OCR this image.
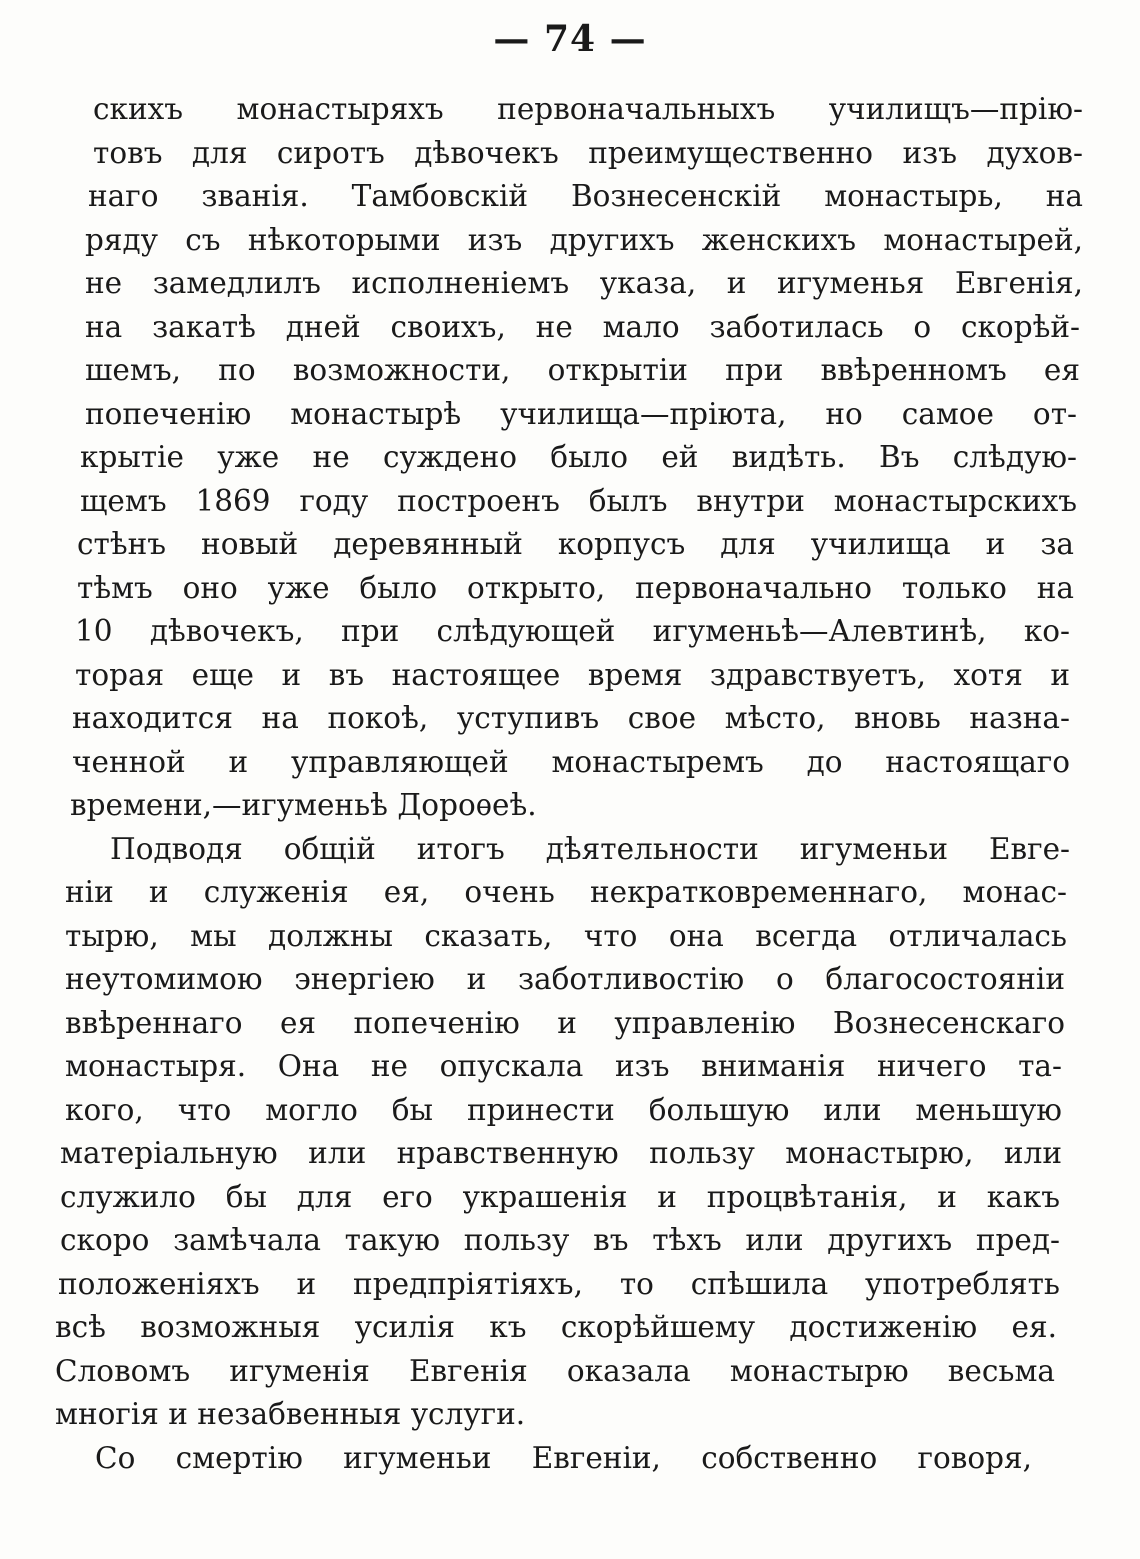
— 74 —
скихъ монастыряхъ первоначальныхъ училищъ—прію-
товъ для сиротъ дѣвочекъ преимущественно изъ духов-
наго званія. Тамбовскій Вознесенскій монастырь, на
ряду съ нѣкоторыми изъ другихъ женскихъ монастырей,
не замедлилъ исполненіемъ указа, и игуменья Евгенія,
на закатѣ дней своихъ, не мало заботилась о скорѣй-
шемъ, по возможности, открытіи при ввѣренномъ ея
попеченію монастырѣ училища—пріюта, но самое от-
крытіе уже не суждено было ей видѣть. Въ слѣдую-
щемъ 1869 году построенъ былъ внутри монастырскихъ
стѣнъ новый деревянный корпусъ для училища и за
тѣмъ оно уже было открыто, первоначально только на
10 дѣвочекъ, при слѣдующей игуменьѣ—Алевтинѣ, ко-
торая еще и въ настоящее время здравствуетъ, хотя и
находится на покоѣ, уступивъ свое мѣсто, вновь назна-
ченной и управляющей монастыремъ до настоящаго
времени,—игуменьѣ Дороѳеѣ.
Подводя общій итогъ дѣятельности игуменьи Евге-
ніи и служенія ея, очень некратковременнаго, монас-
тырю, мы должны сказать, что она всегда отличалась
неутомимою энергіею и заботливостію о благосостояніи
ввѣреннаго ея попеченію и управленію Вознесенскаго
монастыря. Она не опускала изъ вниманія ничего та-
кого, что могло бы принести большую или меньшую
матеріальную или нравственную пользу монастырю, или
служило бы для его украшенія и процвѣтанія, и какъ
скоро замѣчала такую пользу въ тѣхъ или другихъ пред-
положеніяхъ и предпріятіяхъ, то спѣшила употреблять
всѣ возможныя усилія къ скорѣйшему достиженію ея.
Словомъ игуменія Евгенія оказала монастырю весьма
многія и незабвенныя услуги.
Со смертію игуменьи Евгеніи, собственно говоря,
